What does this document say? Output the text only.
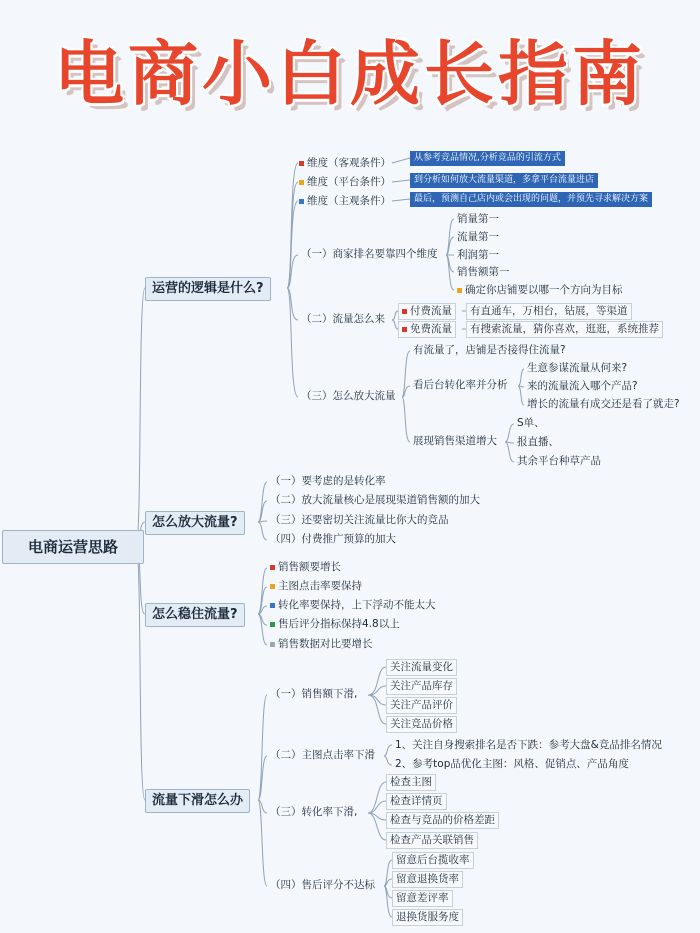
电商小白成长指南
电商运营思路
运营的逻辑是什么?
维度（客观条件）
维度（平台条件）
维度（主观条件）
从参考竞品情况,分析竞品的引流方式
到分析如何放大流量渠道，多拿平台流量进店
最后，预测自己店内或会出现的问题，并预先寻求解决方案
（一）商家排名要靠四个维度
销量第一
流量第一
利润第一
销售额第一
确定你店铺要以哪一个方向为目标
（二）流量怎么来
付费流量	有直通车，万相台，钻展，等渠道
免费流量	有搜索流量，猜你喜欢，逛逛，系统推荐
（三）怎么放大流量
有流量了，店铺是否接得住流量?
看后台转化率并分析
生意参谋流量从何来?
来的流量流入哪个产品?
增长的流量有成交还是看了就走?
展现销售渠道增大
S单、
报直播、
其余平台种草产品
怎么放大流量?
（一）要考虑的是转化率
（二）放大流量核心是展现渠道销售额的加大
（三）还要密切关注流量比你大的竞品
（四）付费推广预算的加大
怎么稳住流量?
销售额要增长
主图点击率要保持
转化率要保持，上下浮动不能太大
售后评分指标保持4.8以上
销售数据对比要增长
流量下滑怎么办
（一）销售额下滑,
关注流量变化
关注产品库存
关注产品评价
关注竞品价格
（二）主图点击率下滑
1、关注自身搜索排名是否下跌：参考大盘&竞品排名情况
2、参考top品优化主图：风格、促销点、产品角度
（三）转化率下滑,
检查主图
检查详情页
检查与竞品的价格差距
检查产品关联销售
（四）售后评分不达标
留意后台揽收率
留意退换货率
留意差评率
退换货服务度
